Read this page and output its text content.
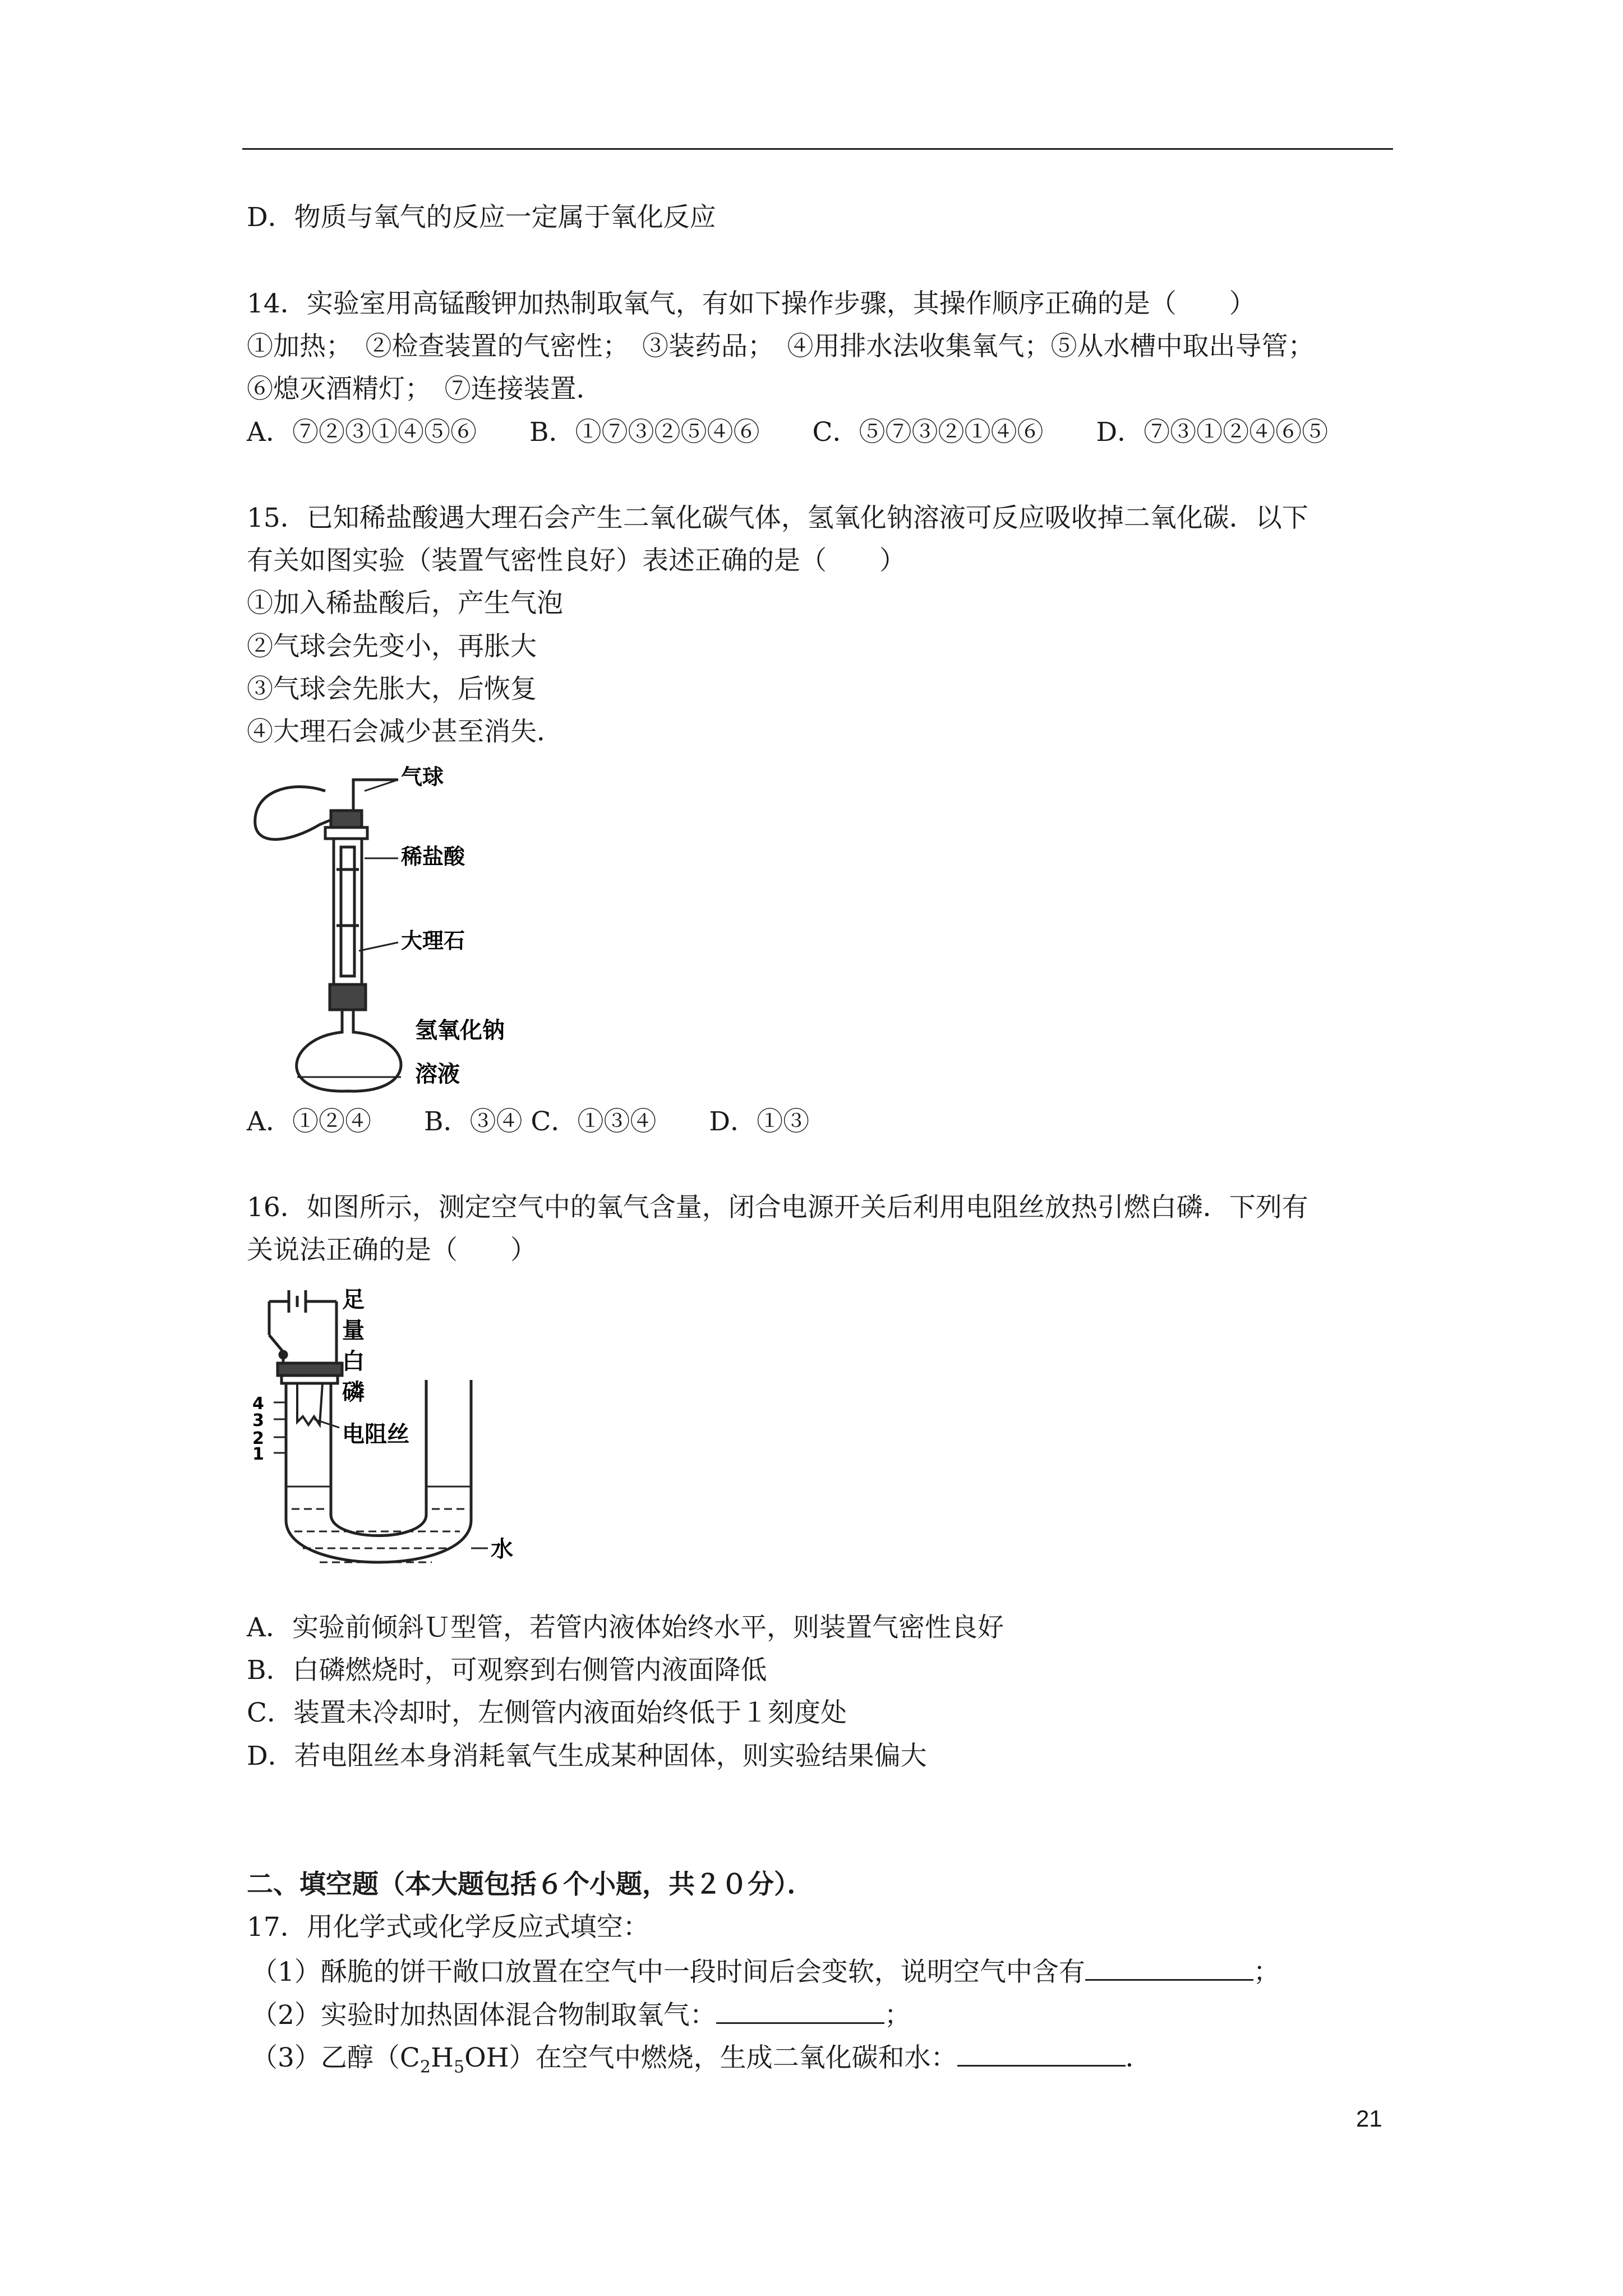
D．物质与氧气的反应一定属于氧化反应
14．实验室用高锰酸钾加热制取氧气，有如下操作步骤，其操作顺序正确的是（　　）
①加热；　②检查装置的气密性；　③装药品；　④用排水法收集氧气；⑤从水槽中取出导管；
⑥熄灭酒精灯；　⑦连接装置．
A．⑦②③①④⑤⑥　　B．①⑦③②⑤④⑥　　C．⑤⑦③②①④⑥　　D．⑦③①②④⑥⑤
15．已知稀盐酸遇大理石会产生二氧化碳气体，氢氧化钠溶液可反应吸收掉二氧化碳．以下
有关如图实验（装置气密性良好）表述正确的是（　　）
①加入稀盐酸后，产生气泡
②气球会先变小，再胀大
③气球会先胀大，后恢复
④大理石会减少甚至消失．
气球
稀盐酸
大理石
氢氧化钠
溶液
A．①②④　　B．③④ C．①③④　　D．①③
16．如图所示，测定空气中的氧气含量，闭合电源开关后利用电阻丝放热引燃白磷．下列有
关说法正确的是（　　）
足
量
白
磷
电阻丝
水
4
3
2
1
A．实验前倾斜Ｕ型管，若管内液体始终水平，则装置气密性良好
B．白磷燃烧时，可观察到右侧管内液面降低
C．装置未冷却时，左侧管内液面始终低于１刻度处
D．若电阻丝本身消耗氧气生成某种固体，则实验结果偏大
二、填空题（本大题包括６个小题，共２０分）．
17．用化学式或化学反应式填空：
（1）酥脆的饼干敞口放置在空气中一段时间后会变软，说明空气中含有	；
（2）实验时加热固体混合物制取氧气：	；
（3）乙醇$(C_2H_5OH)$在空气中燃烧，生成二氧化碳和水：	．
21
